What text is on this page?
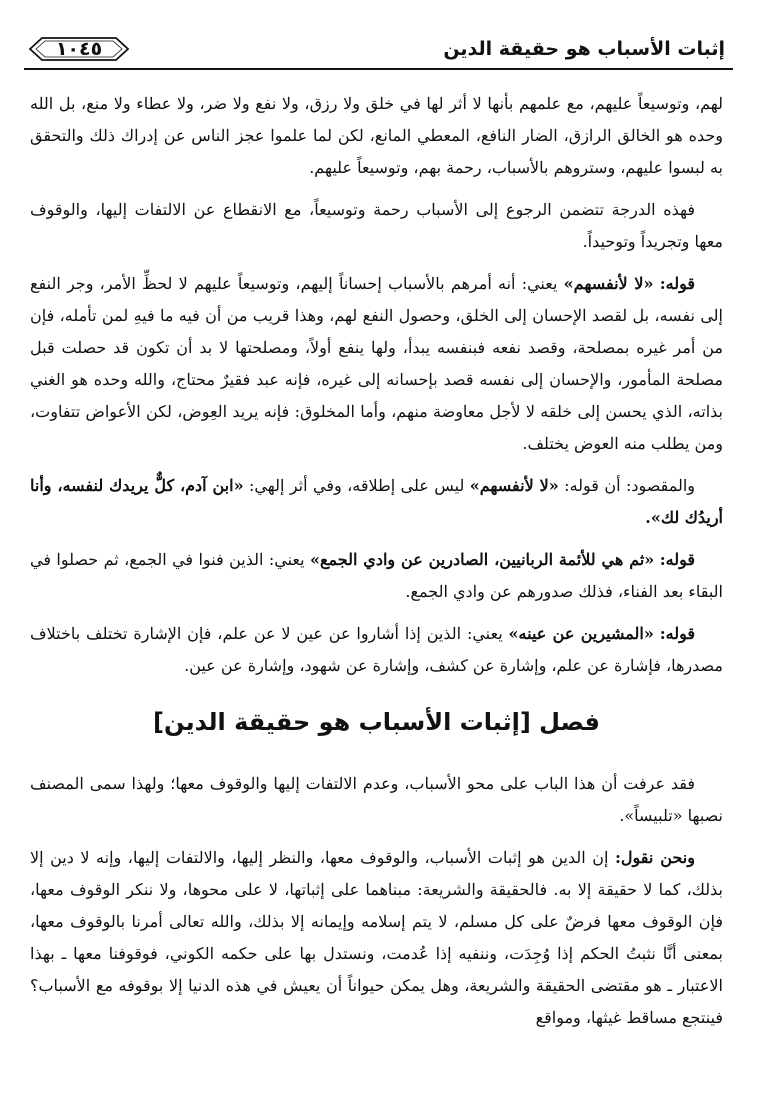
إثبات الأسباب هو حقيقة الدين
١٠٤٥

لهم، وتوسيعاً عليهم، مع علمهم بأنها لا أثر لها في خلق ولا رزق، ولا نفع ولا ضر، ولا عطاء ولا منع، بل الله وحده هو الخالق الرازق، الضار النافع، المعطي المانع، لكن لما علموا عجز الناس عن إدراك ذلك والتحقق به لبسوا عليهم، وستروهم بالأسباب، رحمة بهم، وتوسيعاً عليهم.

فهذه الدرجة تتضمن الرجوع إلى الأسباب رحمة وتوسيعاً، مع الانقطاع عن الالتفات إليها، والوقوف معها وتجريداً وتوحيداً.

قوله: «لا لأنفسهم» يعني: أنه أمرهم بالأسباب إحساناً إليهم، وتوسيعاً عليهم لا لحظِّ الأمر، وجر النفع إلى نفسه، بل لقصد الإحسان إلى الخلق، وحصول النفع لهم، وهذا قريب من أن فيه ما فيهِ لمن تأمله، فإن من أمر غيره بمصلحة، وقصد نفعه فبنفسه يبدأ، ولها ينفع أولاً، ومصلحتها لا بد أن تكون قد حصلت قبل مصلحة المأمور، والإحسان إلى نفسه قصد بإحسانه إلى غيره، فإنه عبد فقيرٌ محتاج، والله وحده هو الغني بذاته، الذي يحسن إلى خلقه لا لأجل معاوضة منهم، وأما المخلوق: فإنه يريد العِوض، لكن الأعواض تتفاوت، ومن يطلب منه العوض يختلف.

والمقصود: أن قوله: «لا لأنفسهم» ليس على إطلاقه، وفي أثر إلهي: «ابن آدم، كلٌّ يريدك لنفسه، وأنا أريدُك لك».

قوله: «ثم هي للأئمة الربانيين، الصادرين عن وادي الجمع» يعني: الذين فنوا في الجمع، ثم حصلوا في البقاء بعد الفناء، فذلك صدورهم عن وادي الجمع.

قوله: «المشيرين عن عينه» يعني: الذين إذا أشاروا عن عين لا عن علم، فإن الإشارة تختلف باختلاف مصدرها، فإشارة عن علم، وإشارة عن كشف، وإشارة عن شهود، وإشارة عن عين.

فصل [إثبات الأسباب هو حقيقة الدين]

فقد عرفت أن هذا الباب على محو الأسباب، وعدم الالتفات إليها والوقوف معها؛ ولهذا سمى المصنف نصبها «تلبيساً».

ونحن نقول: إن الدين هو إثبات الأسباب، والوقوف معها، والنظر إليها، والالتفات إليها، وإنه لا دين إلا بذلك، كما لا حقيقة إلا به. فالحقيقة والشريعة: مبناهما على إثباتها، لا على محوها، ولا ننكر الوقوف معها، فإن الوقوف معها فرضٌ على كل مسلم، لا يتم إسلامه وإيمانه إلا بذلك، والله تعالى أمرنا بالوقوف معها، بمعنى أنَّا نثبتُ الحكم إذا وُجِدَت، وننفيه إذا عُدمت، ونستدل بها على حكمه الكوني، فوقوفنا معها ـ بهذا الاعتبار ـ هو مقتضى الحقيقة والشريعة، وهل يمكن حيواناً أن يعيش في هذه الدنيا إلا بوقوفه مع الأسباب؟ فينتجع مساقط غيثها، ومواقع
